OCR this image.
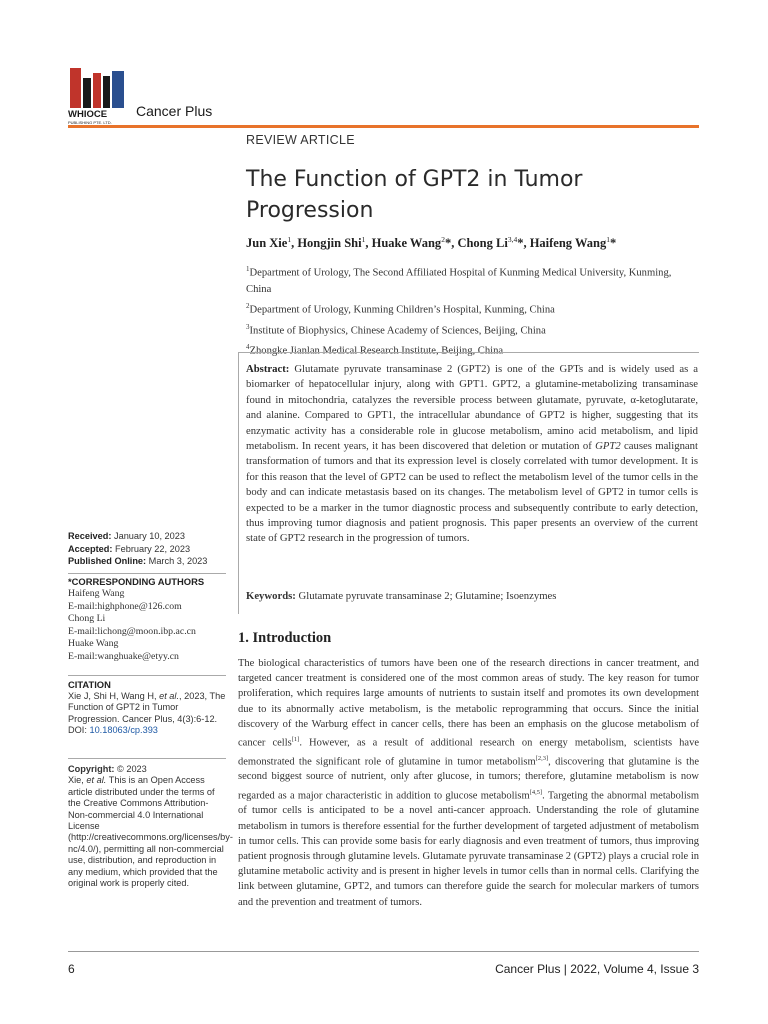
WHIOCE
PUBLISHING PTE. LTD.
Cancer Plus
REVIEW ARTICLE
The Function of GPT2 in Tumor Progression
Jun Xie$^1$, Hongjin Shi$^1$, Huake Wang$^2$*, Chong Li$^{3,4}$*, Haifeng Wang$^1$*

$^1$Department of Urology, The Second Affiliated Hospital of Kunming Medical University, Kunming, China

$^2$Department of Urology, Kunming Children’s Hospital, Kunming, China

$^3$Institute of Biophysics, Chinese Academy of Sciences, Beijing, China

$^4$

Abstract: Glutamate pyruvate transaminase 2 (GPT2) is one of the GPTs and is widely used as a biomarker of hepatocellular injury, along with GPT1. GPT2, a glutamine-metabolizing transaminase found in mitochondria, catalyzes the reversible process between glutamate, pyruvate, α-ketoglutarate, and alanine. Compared to GPT1, the intracellular abundance of GPT2 is higher, suggesting that its enzymatic activity has a considerable role in glucose metabolism, amino acid metabolism, and lipid metabolism. In recent years, it has been discovered that deletion or mutation of GPT2 causes malignant transformation of tumors and that its expression level is closely correlated with tumor development. It is for this reason that the level of GPT2 can be used to reflect the metabolism level of the tumor cells in the body and can indicate metastasis based on its changes. The metabolism level of GPT2 in tumor cells is expected to be a marker in the tumor diagnostic process and subsequently contribute to early detection, thus improving tumor diagnosis and patient prognosis. This paper presents an overview of the current state of GPT2 research in the progression of tumors.
Keywords: Glutamate pyruvate transaminase 2; Glutamine; Isoenzymes

Received: January 10, 2023

Accepted: February 22, 2023

Published Online: March 3, 2023

*CORRESPONDING AUTHORS

Haifeng Wang

E-mail:highphone@126.com

Chong Li

E-mail:lichong@moon.ibp.ac.cn

Huake Wang

E-mail:wanghuake@etyy.cn

CITATION

Xie J, Shi H, Wang H, et al., 2023, The Function of GPT2 in Tumor Progression. Cancer Plus, 4(3):6-12.

DOI: 10.18063/cp.393

Copyright: © 2023

Xie, et al. This is an Open Access article distributed under the terms of the Creative Commons Attribution-Non-commercial 4.0 International License (http://creativecommons.org/licenses/by-nc/4.0/), permitting all non-commercial use, distribution, and reproduction in any medium, which provided that the original work is properly cited.

1. Introduction
The biological characteristics of tumors have been one of the research directions in cancer treatment, and targeted cancer treatment is considered one of the most common areas of study. The key reason for tumor proliferation, which requires large amounts of nutrients to sustain itself and promotes its own development due to its abnormally active metabolism, is the metabolic reprogramming that occurs. Since the initial discovery of the Warburg effect in cancer cells, there has been an emphasis on the glucose metabolism of cancer cells[1]. However, as a result of additional research on energy metabolism, scientists have demonstrated the significant role of glutamine in tumor metabolism[2,3], discovering that glutamine is the second biggest source of nutrient, only after glucose, in tumors; therefore, glutamine metabolism is now regarded as a major characteristic in addition to glucose metabolism[4,5]. Targeting the abnormal metabolism of tumor cells is anticipated to be a novel anti-cancer approach. Understanding the role of glutamine metabolism in tumors is therefore essential for the further development of targeted adjustment of metabolism in tumor cells. This can provide some basis for early diagnosis and even treatment of tumors, thus improving patient prognosis through glutamine levels. Glutamate pyruvate transaminase 2 (GPT2) plays a crucial role in glutamine metabolic activity and is present in higher levels in tumor cells than in normal cells. Clarifying the link between glutamine, GPT2, and tumors can therefore guide the search for molecular markers of tumors and the prevention and treatment of tumors.
6	Cancer Plus | 2022, Volume 4, Issue 3
